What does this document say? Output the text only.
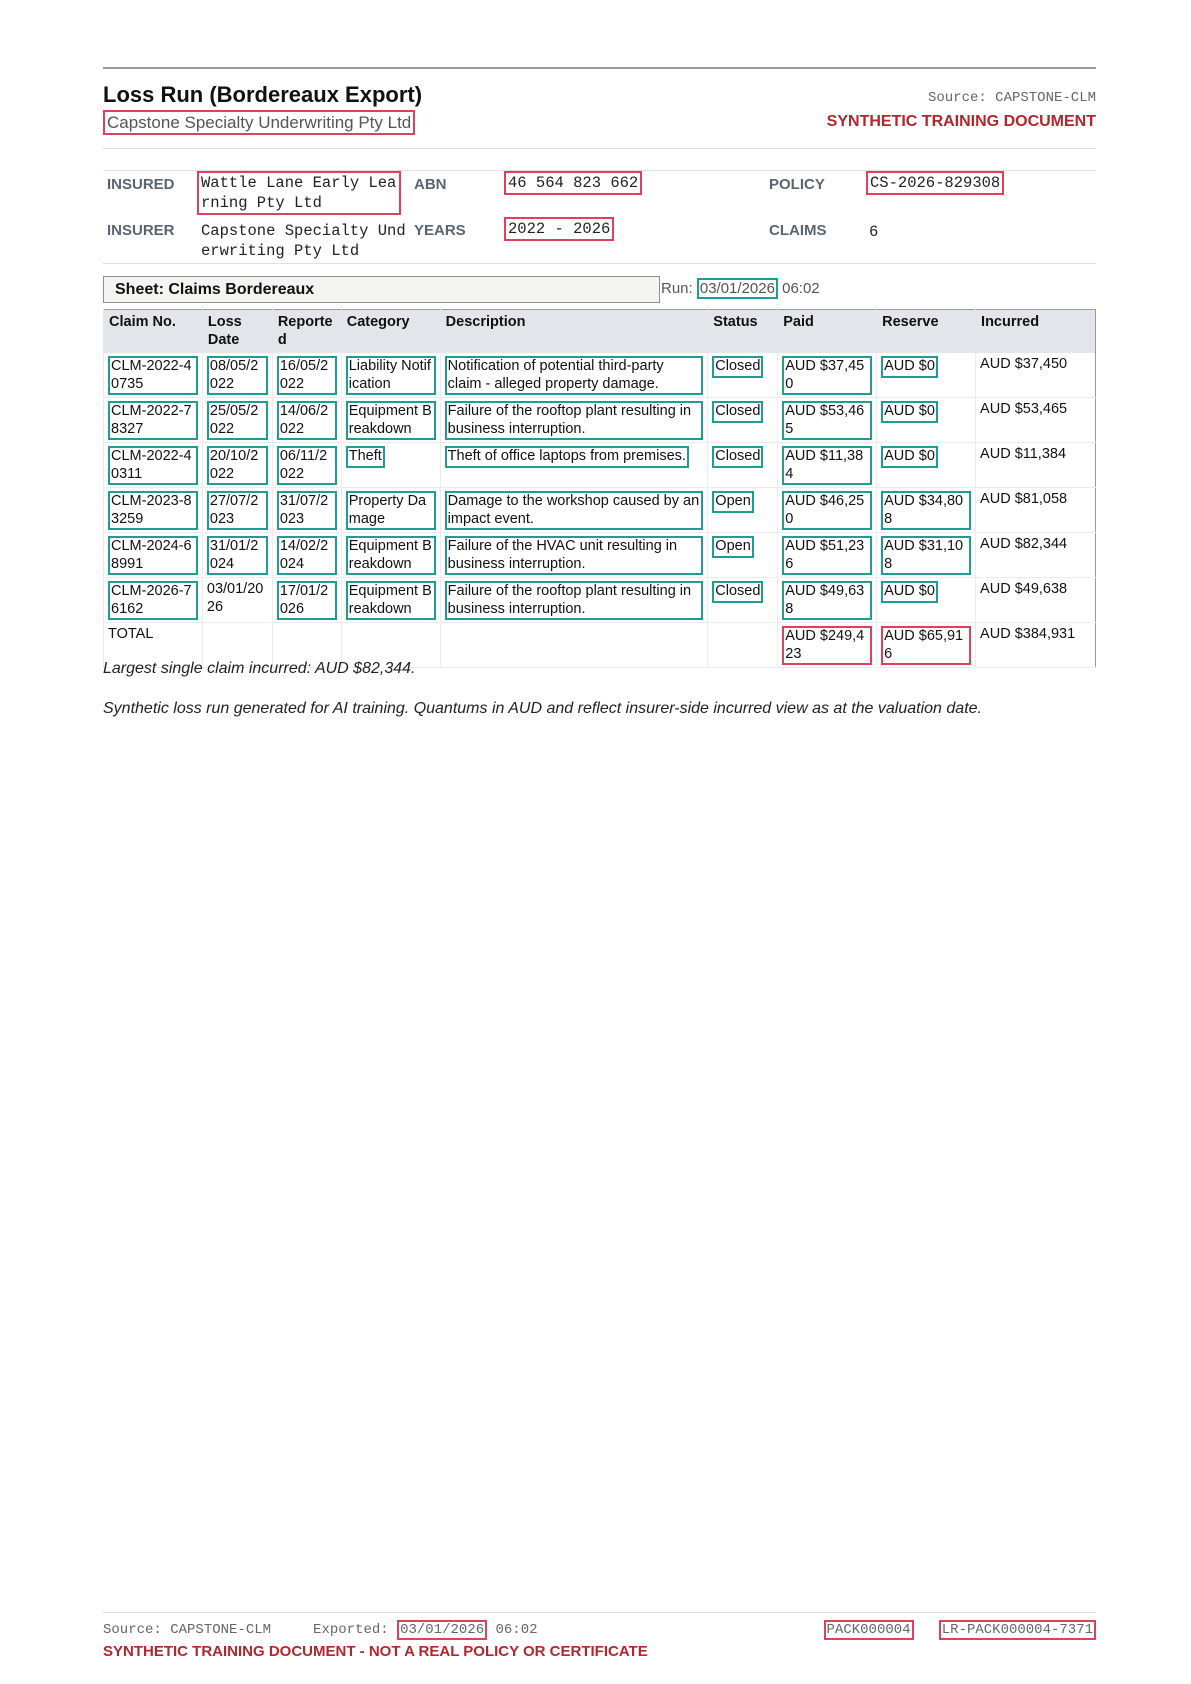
Loss Run (Bordereaux Export)
Capstone Specialty Underwriting Pty Ltd
Source: CAPSTONE-CLM
SYNTHETIC TRAINING DOCUMENT
INSURED Wattle Lane Early Learning Pty Ltd
ABN	46 564 823 662	POLICY	CS-2026-829308
INSURER Capstone Specialty Underwriting Pty Ltd
YEARS	2022 - 2026	CLAIMS	6
Sheet: Claims Bordereaux	Run: 03/01/2026 06:02
Claim No.	Loss Date	Reported	Category	Description	Status	Paid	Reserve	Incurred
CLM-2022-40735	08/05/2022	16/05/2022	Liability Notification	Notification of potential third-party claim - alleged property damage.	Closed	AUD $37,450	AUD $0	AUD $37,450
CLM-2022-78327	25/05/2022	14/06/2022	Equipment Breakdown	Failure of the rooftop plant resulting in business interruption.	Closed	AUD $53,465	AUD $0	AUD $53,465
CLM-2022-40311	20/10/2022	06/11/2022	Theft	Theft of office laptops from premises.	Closed	AUD $11,384	AUD $0	AUD $11,384
CLM-2023-83259	27/07/2023	31/07/2023	Property Damage	Damage to the workshop caused by an impact event.	Open	AUD $46,250	AUD $34,808	AUD $81,058
CLM-2024-68991	31/01/2024	14/02/2024	Equipment Breakdown	Failure of the HVAC unit resulting in business interruption.	Open	AUD $51,236	AUD $31,108	AUD $82,344
CLM-2026-76162	03/01/2026	17/01/2026	Equipment Breakdown	Failure of the rooftop plant resulting in business interruption.	Closed	AUD $49,638	AUD $0	AUD $49,638
TOTAL						AUD $249,423	AUD $65,916	AUD $384,931
Largest single claim incurred: AUD $82,344.
Synthetic loss run generated for AI training. Quantums in AUD and reflect insurer-side incurred view as at the valuation date.
Source: CAPSTONE-CLM	Exported: 03/01/2026 06:02	PACK000004 LR-PACK000004-7371
SYNTHETIC TRAINING DOCUMENT - NOT A REAL POLICY OR CERTIFICATE
